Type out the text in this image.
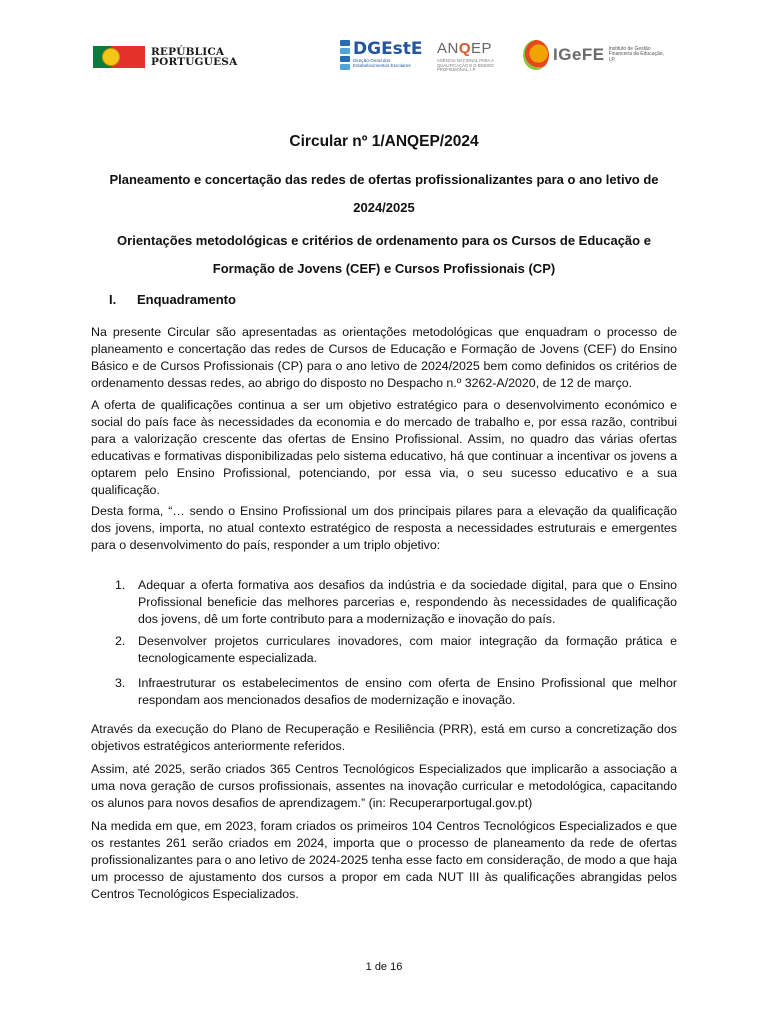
REPÚBLICA
PORTUGUESA
DGEstE
Direção-Geral dos Estabelecimentos Escolares
ANQEP
AGÊNCIA NACIONAL PARA A QUALIFICAÇÃO E O ENSINO PROFISSIONAL, I.P.
IGeFE Instituto de Gestão Financeira da Educação, I.P.
Circular nº 1/ANQEP/2024
Planeamento e concertação das redes de ofertas profissionalizantes para o ano letivo de
2024/2025
Orientações metodológicas e critérios de ordenamento para os Cursos de Educação e
Formação de Jovens (CEF) e Cursos Profissionais (CP)
I. Enquadramento
Na presente Circular são apresentadas as orientações metodológicas que enquadram o processo de planeamento e concertação das redes de Cursos de Educação e Formação de Jovens (CEF) do Ensino Básico e de Cursos Profissionais (CP) para o ano letivo de 2024/2025 bem como definidos os critérios de ordenamento dessas redes, ao abrigo do disposto no Despacho n.º 3262-A/2020, de 12 de março.
A oferta de qualificações continua a ser um objetivo estratégico para o desenvolvimento económico e social do país face às necessidades da economia e do mercado de trabalho e, por essa razão, contribui para a valorização crescente das ofertas de Ensino Profissional. Assim, no quadro das várias ofertas educativas e formativas disponibilizadas pelo sistema educativo, há que continuar a incentivar os jovens a optarem pelo Ensino Profissional, potenciando, por essa via, o seu sucesso educativo e a sua qualificação.
Desta forma, “… sendo o Ensino Profissional um dos principais pilares para a elevação da qualificação dos jovens, importa, no atual contexto estratégico de resposta a necessidades estruturais e emergentes para o desenvolvimento do país, responder a um triplo objetivo:
1. Adequar a oferta formativa aos desafios da indústria e da sociedade digital, para que o Ensino Profissional beneficie das melhores parcerias e, respondendo às necessidades de qualificação dos jovens, dê um forte contributo para a modernização e inovação do país.
2. Desenvolver projetos curriculares inovadores, com maior integração da formação prática e tecnologicamente especializada.
3. Infraestruturar os estabelecimentos de ensino com oferta de Ensino Profissional que melhor respondam aos mencionados desafios de modernização e inovação.
Através da execução do Plano de Recuperação e Resiliência (PRR), está em curso a concretização dos objetivos estratégicos anteriormente referidos.
Assim, até 2025, serão criados 365 Centros Tecnológicos Especializados que implicarão a associação a uma nova geração de cursos profissionais, assentes na inovação curricular e metodológica, capacitando os alunos para novos desafios de aprendizagem.” (in: Recuperarportugal.gov.pt)
Na medida em que, em 2023, foram criados os primeiros 104 Centros Tecnológicos Especializados e que os restantes 261 serão criados em 2024, importa que o processo de planeamento da rede de ofertas profissionalizantes para o ano letivo de 2024-2025 tenha esse facto em consideração, de modo a que haja um processo de ajustamento dos cursos a propor em cada NUT III às qualificações abrangidas pelos Centros Tecnológicos Especializados.
1 de 16
